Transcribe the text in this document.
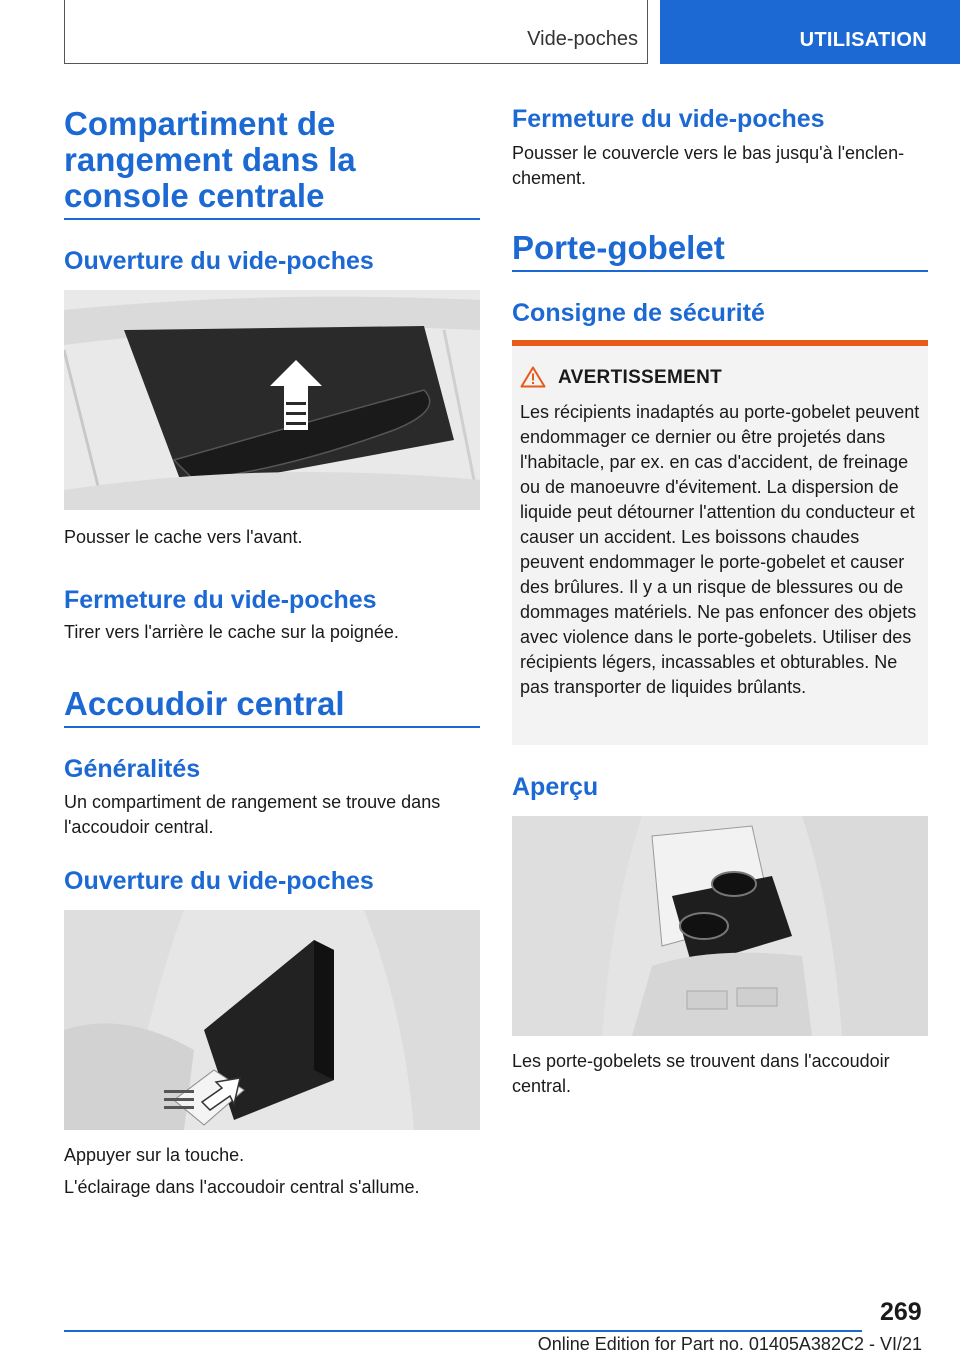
Vide-poches	UTILISATION
Compartiment de rangement dans la console centrale
Ouverture du vide-poches
Pousser le cache vers l'avant.
Fermeture du vide-poches
Tirer vers l'arrière le cache sur la poignée.
Accoudoir central
Généralités
Un compartiment de rangement se trouve dans l'accoudoir central.
Ouverture du vide-poches
Appuyer sur la touche.
L'éclairage dans l'accoudoir central s'allume.
Fermeture du vide-poches
Pousser le couvercle vers le bas jusqu'à l'enclenchement.
Porte-gobelet
Consigne de sécurité
AVERTISSEMENT
Les récipients inadaptés au porte-gobelet peuvent endommager ce dernier ou être projetés dans l'habitacle, par ex. en cas d'accident, de freinage ou de manoeuvre d'évitement. La dispersion de liquide peut détourner l'attention du conducteur et causer un accident. Les boissons chaudes peuvent endommager le porte-gobelet et causer des brûlures. Il y a un risque de blessures ou de dommages matériels. Ne pas enfoncer des objets avec violence dans le porte-gobelets. Utiliser des récipients légers, incassables et obturables. Ne pas transporter de liquides brûlants.
Aperçu
Les porte-gobelets se trouvent dans l'accoudoir central.
269
Online Edition for Part no. 01405A382C2 - VI/21
